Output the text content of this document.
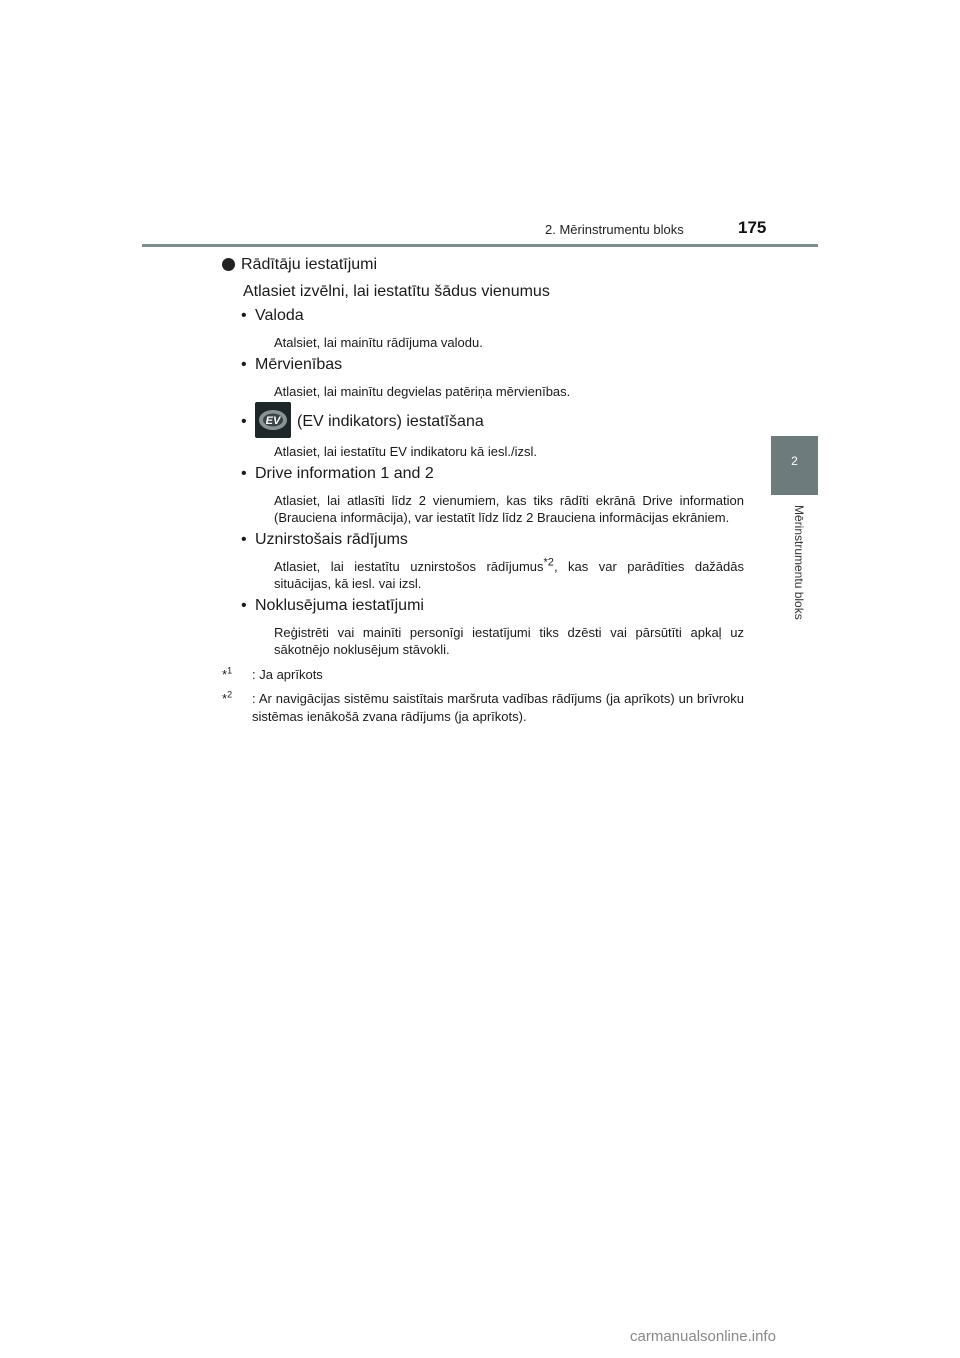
2. Mērinstrumentu bloks	175
2
Mērinstrumentu bloks
Rādītāju iestatījumi
Atlasiet izvēlni, lai iestatītu šādus vienumus
• Valoda
Atalsiet, lai mainītu rādījuma valodu.
• Mērvienības
Atlasiet, lai mainītu degvielas patēriņa mērvienības.
• EV (EV indikators) iestatīšana
Atlasiet, lai iestatītu EV indikatoru kā iesl./izsl.
• Drive information 1 and 2
Atlasiet, lai atlasīti līdz 2 vienumiem, kas tiks rādīti ekrānā Drive information (Brauciena informācija), var iestatīt līdz līdz 2 Brauciena informācijas ekrāniem.
• Uznirstošais rādījums
Atlasiet, lai iestatītu uznirstošos rādījumus$^{*2}$, kas var parādīties dažādās situācijas, kā iesl. vai izsl.
• Noklusējuma iestatījumi
Reģistrēti vai mainīti personīgi iestatījumi tiks dzēsti vai pārsūtīti apkaļ uz sākotnējo noklusējum stāvokli.
*$^1$ : Ja aprīkots
*$^2$ : Ar navigācijas sistēmu saistītais maršruta vadības rādījums (ja aprīkots) un brīvroku sistēmas ienākošā zvana rādījums (ja aprīkots).
carmanualsonline.info
